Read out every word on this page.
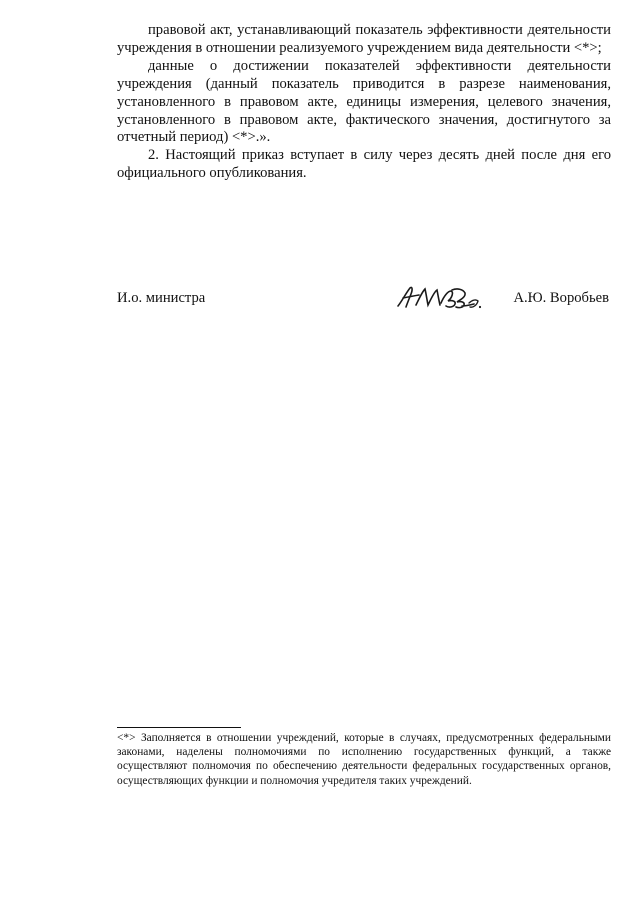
правовой акт, устанавливающий показатель эффективности деятельности учреждения в отношении реализуемого учреждением вида деятельности <*>;

данные о достижении показателей эффективности деятельности учреждения (данный показатель приводится в разрезе наименования, установленного в правовом акте, единицы измерения, целевого значения, установленного в правовом акте, фактического значения, достигнутого за отчетный период) <*>.».

2. Настоящий приказ вступает в силу через десять дней после дня его официального опубликования.

И.о. министра	А.Ю. Воробьев

<*> Заполняется в отношении учреждений, которые в случаях, предусмотренных федеральными законами, наделены полномочиями по исполнению государственных функций, а также осуществляют полномочия по обеспечению деятельности федеральных государственных органов, осуществляющих функции и полномочия учредителя таких учреждений.
